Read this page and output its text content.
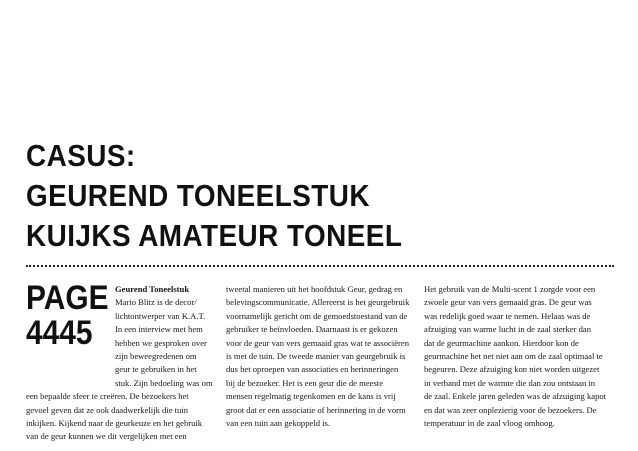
CASUS:
GEUREND TONEELSTUK
KUIJKS AMATEUR TONEEL
PAGE
4445
Geurend Toneelstuk
Mario Blitz is de decor/
lichtontwerper van K.A.T.
In een interview met hem
hebben we gesproken over
zijn beweegredenen om
geur te gebruiken in het
stuk. Zijn bedoeling was om
een bepaalde sfeer te creëren. De bezoekers het
gevoel geven dat ze ook daadwerkelijk die tuin
inkijken. Kijkend naar de geurkeuze en het gebruik
van de geur kunnen we dit vergelijken met een
tweetal manieren uit het hoofdstuk Geur, gedrag en
belevingscommunicatie. Allereerst is het geurgebruik
voornamelijk gericht om de gemoedstoestand van de
gebruiker te beïnvloeden. Daarnaast is er gekozen
voor de geur van vers gemaaid gras wat te associëren
is met de tuin. De tweede manier van geurgebruik is
dus het oproepen van associaties en herinneringen
bij de bezoeker. Het is een geur die de meeste
mensen regelmatig tegenkomen en de kans is vrij
groot dat er een associatie of herinnering in de vorm
van een tuin aan gekoppeld is.
Het gebruik van de Multi-scent 1 zorgde voor een
zwoele geur van vers gemaaid gras. De geur was
was redelijk goed waar te nemen. Helaas was de
afzuiging van warme lucht in de zaal sterker dan
dat de geurmachine aankon. Hierdoor kon de
geurmachine het net niet aan om de zaal optimaal te
begeuren. Deze afzuiging kon niet worden uitgezet
in verband met de warmte die dan zou ontstaan in
de zaal. Enkele jaren geleden was de afzuiging kapot
en dat was zeer onplezierig voor de bezoekers. De
temperatuur in de zaal vloog omhoog.
